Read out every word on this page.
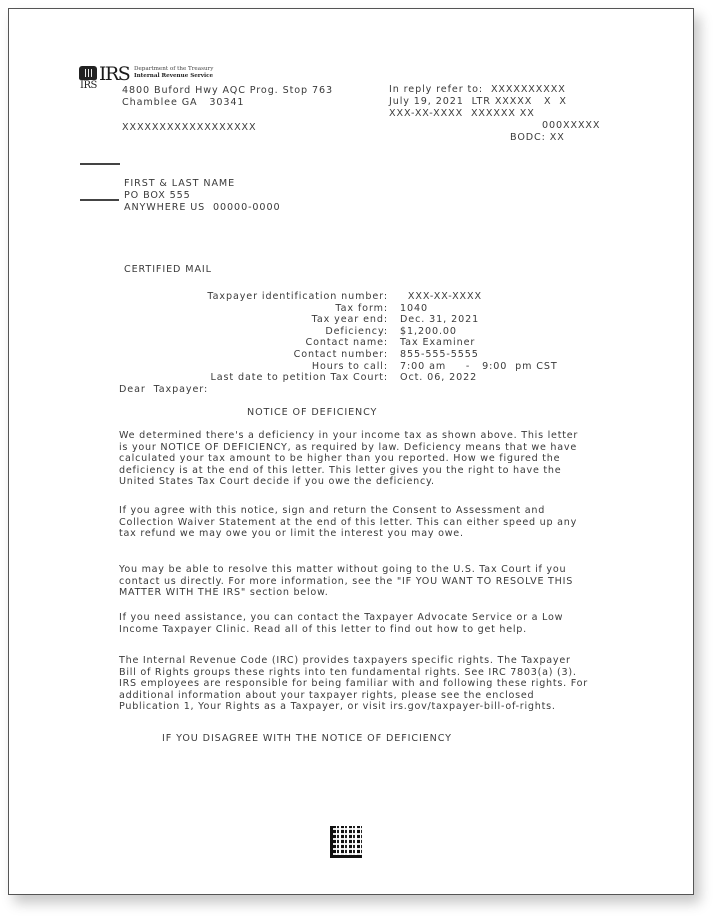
IRS
IRS Department of the Treasury
Internal Revenue Service
4800 Buford Hwy AQC Prog. Stop 763
Chamblee GA   30341
XXXXXXXXXXXXXXXXXX
In reply refer to:  XXXXXXXXXX
July 19, 2021  LTR XXXXX   X  X
XXX-XX-XXXX  XXXXXX XX
000XXXXX
BODC: XX
FIRST & LAST NAME
PO BOX 555
ANYWHERE US  00000-0000
CERTIFIED MAIL
Taxpayer identification number:	XXX-XX-XXXX
Tax form:	1040
Tax year end:	Dec. 31, 2021
Deficiency:	$1,200.00
Contact name:	Tax Examiner
Contact number:	855-555-5555
Hours to call:	7:00 am     -   9:00  pm CST
Last date to petition Tax Court:	Oct. 06, 2022
Dear  Taxpayer:
NOTICE OF DEFICIENCY
We determined there's a deficiency in your income tax as shown above. This letter is your NOTICE OF DEFICIENCY, as required by law. Deficiency means that we have calculated your tax amount to be higher than you reported. How we figured the deficiency is at the end of this letter. This letter gives you the right to have the United States Tax Court decide if you owe the deficiency.
If you agree with this notice, sign and return the Consent to Assessment and Collection Waiver Statement at the end of this letter. This can either speed up any tax refund we may owe you or limit the interest you may owe.
You may be able to resolve this matter without going to the U.S. Tax Court if you contact us directly. For more information, see the "IF YOU WANT TO RESOLVE THIS MATTER WITH THE IRS" section below.
If you need assistance, you can contact the Taxpayer Advocate Service or a Low Income Taxpayer Clinic. Read all of this letter to find out how to get help.
The Internal Revenue Code (IRC) provides taxpayers specific rights. The Taxpayer Bill of Rights groups these rights into ten fundamental rights. See IRC 7803(a) (3). IRS employees are responsible for being familiar with and following these rights. For additional information about your taxpayer rights, please see the enclosed Publication 1, Your Rights as a Taxpayer, or visit irs.gov/taxpayer-bill-of-rights.
IF YOU DISAGREE WITH THE NOTICE OF DEFICIENCY
